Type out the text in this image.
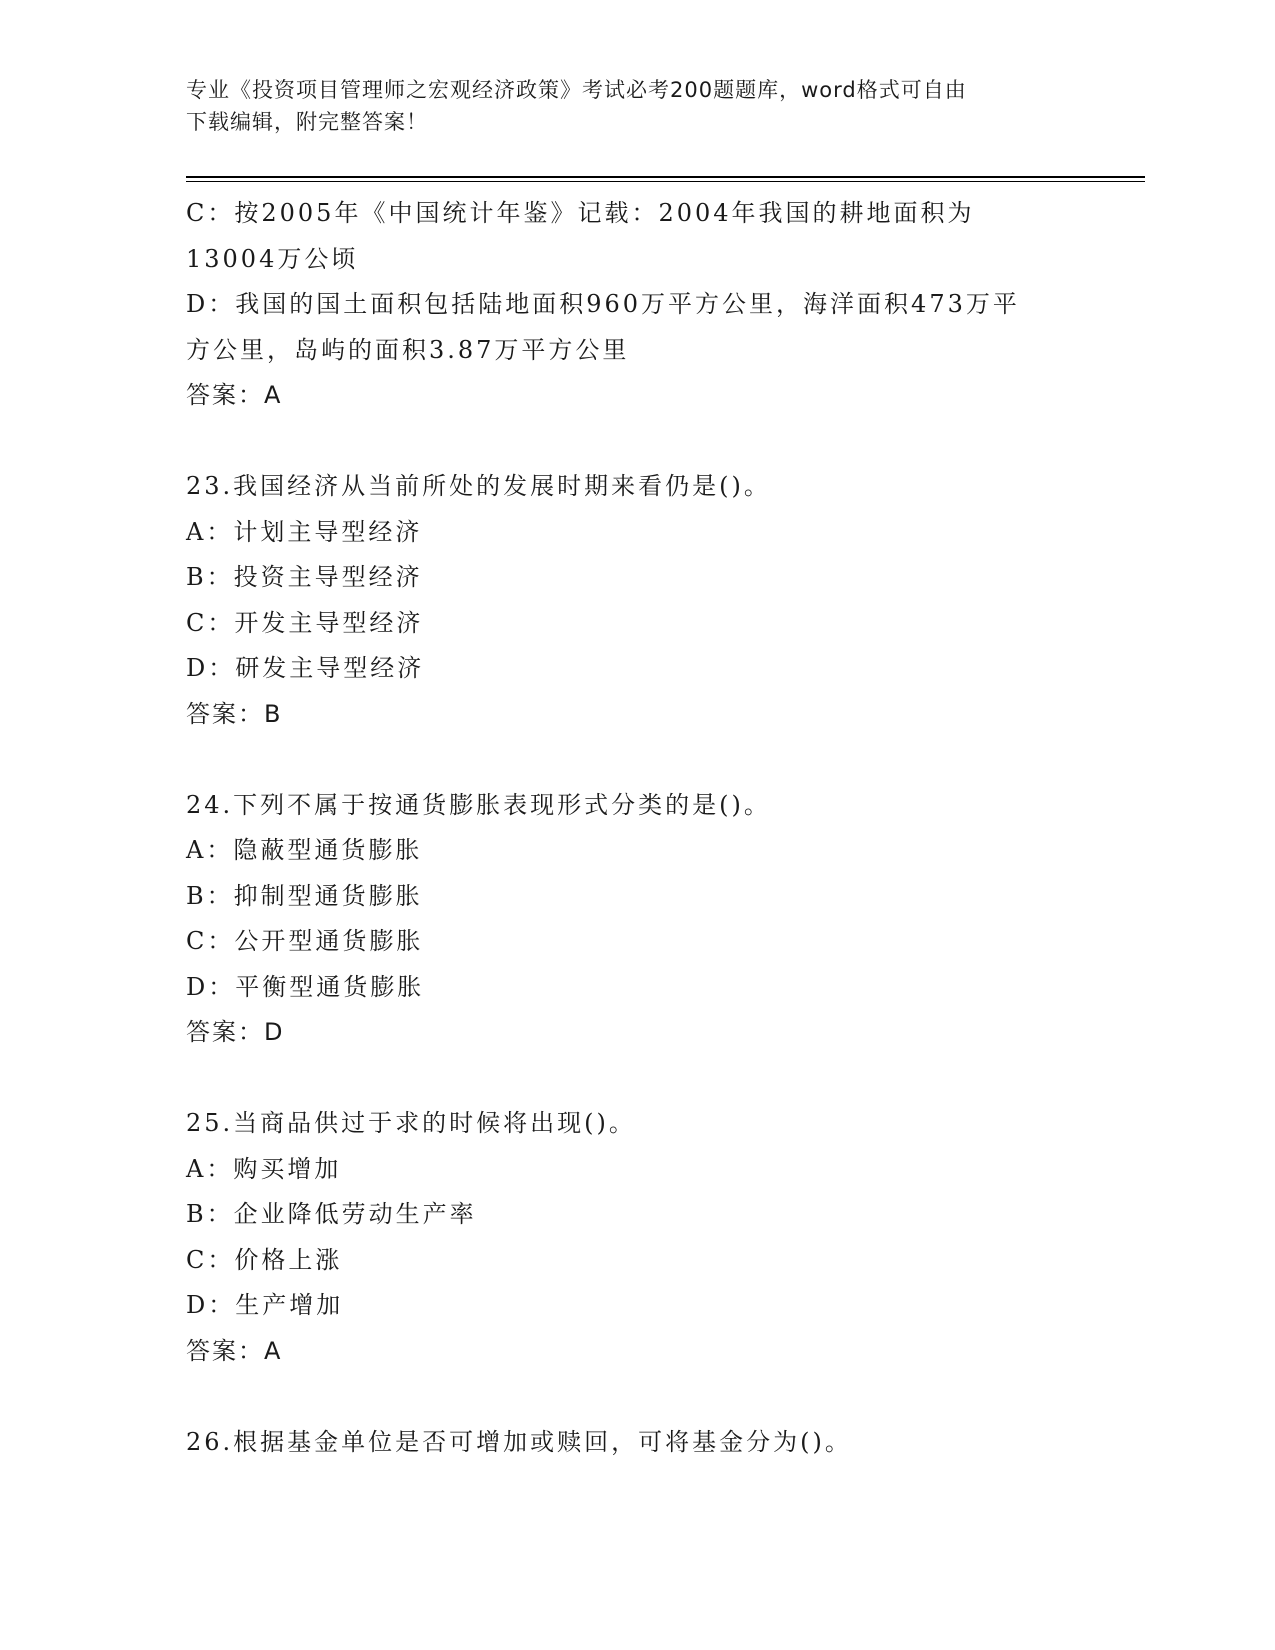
专业《投资项目管理师之宏观经济政策》考试必考200题题库，word格式可自由
下载编辑，附完整答案！
C：按2005年《中国统计年鉴》记载：2004年我国的耕地面积为
13004万公顷
D：我国的国土面积包括陆地面积960万平方公里，海洋面积473万平
方公里，岛屿的面积3.87万平方公里
答案：A
23.我国经济从当前所处的发展时期来看仍是()。
A：计划主导型经济
B：投资主导型经济
C：开发主导型经济
D：研发主导型经济
答案：B
24.下列不属于按通货膨胀表现形式分类的是()。
A：隐蔽型通货膨胀
B：抑制型通货膨胀
C：公开型通货膨胀
D：平衡型通货膨胀
答案：D
25.当商品供过于求的时候将出现()。
A：购买增加
B：企业降低劳动生产率
C：价格上涨
D：生产增加
答案：A
26.根据基金单位是否可增加或赎回，可将基金分为()。
